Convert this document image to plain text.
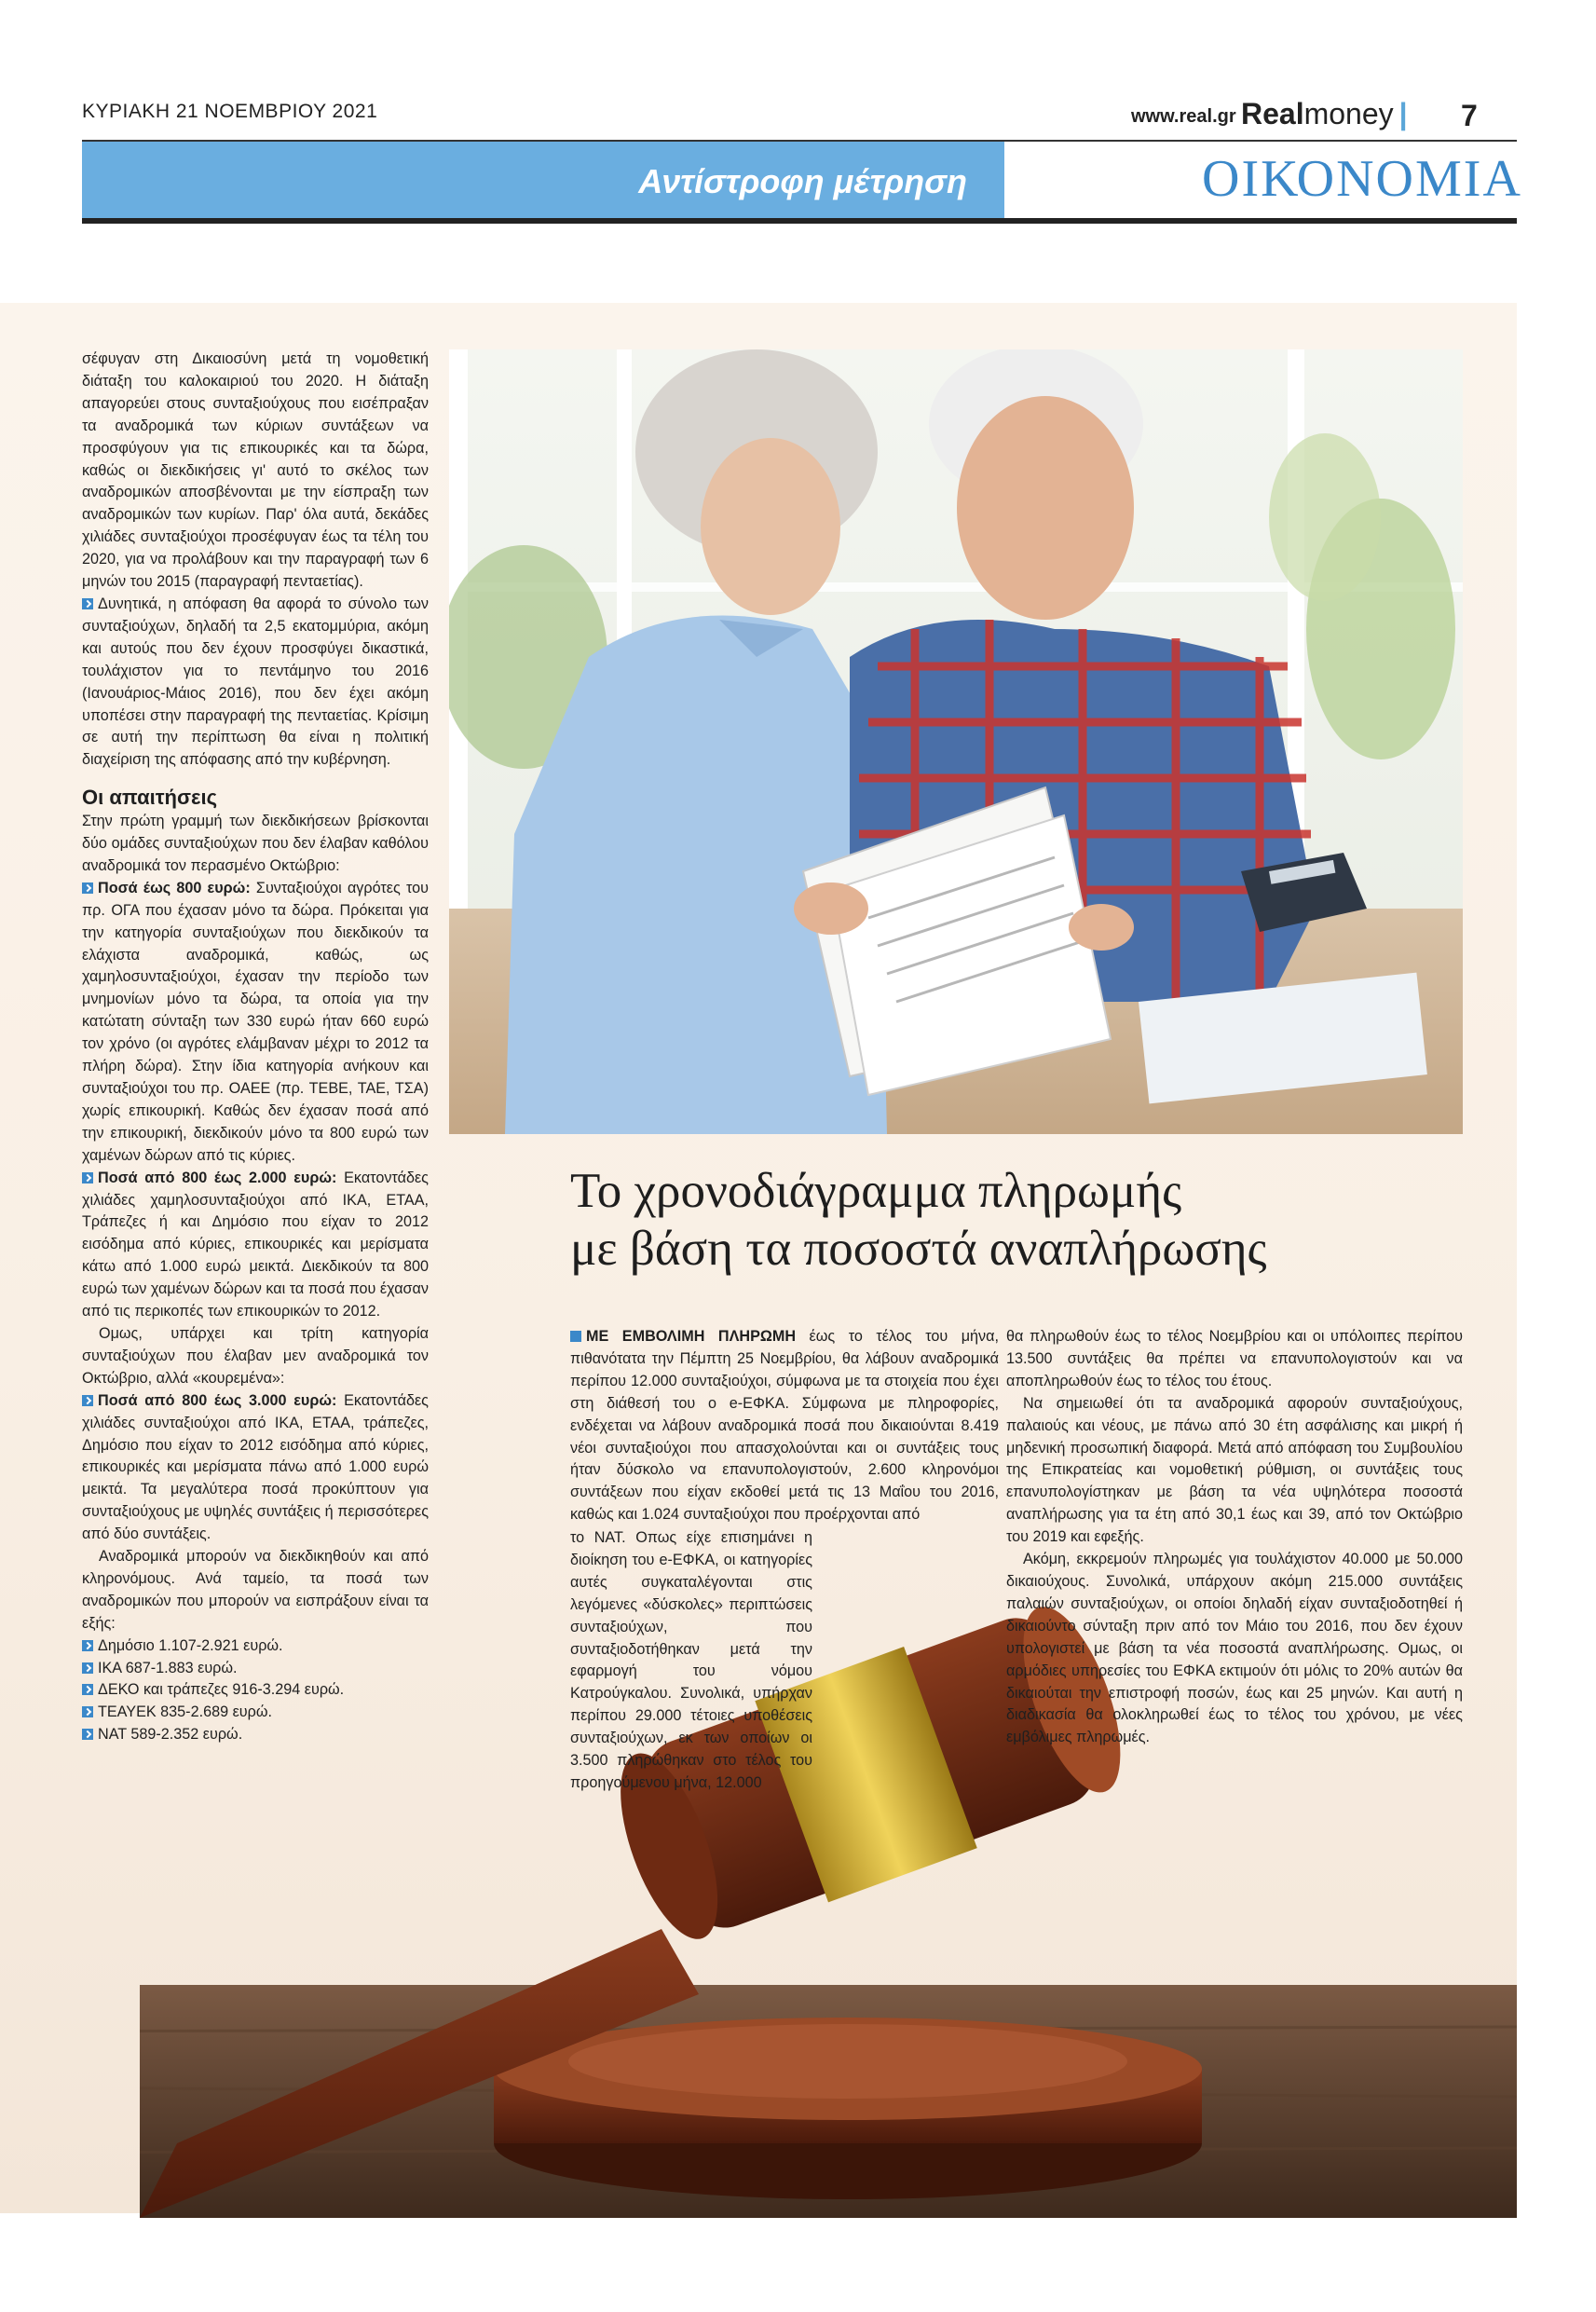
ΚΥΡΙΑΚΗ 21 ΝΟΕΜΒΡΙΟΥ 2021	www.real.gr Realmoney | 7
Αντίστροφη μέτρηση	ΟΙΚΟΝΟΜΙΑ

σέφυγαν στη Δικαιοσύνη μετά τη νομοθετική διάταξη του καλοκαιριού του 2020. Η διάταξη απαγορεύει στους συνταξιούχους που εισέπραξαν τα αναδρομικά των κύριων συντάξεων να προσφύγουν για τις επικουρικές και τα δώρα, καθώς οι διεκδικήσεις γι' αυτό το σκέλος των αναδρομικών αποσβένονται με την είσπραξη των αναδρομικών των κυρίων. Παρ' όλα αυτά, δεκάδες χιλιάδες συνταξιούχοι προσέφυγαν έως τα τέλη του 2020, για να προλάβουν και την παραγραφή των 6 μηνών του 2015 (παραγραφή πενταετίας).

Δυνητικά, η απόφαση θα αφορά το σύνολο των συνταξιούχων, δηλαδή τα 2,5 εκατομμύρια, ακόμη και αυτούς που δεν έχουν προσφύγει δικαστικά, τουλάχιστον για το πεντάμηνο του 2016 (Ιανουάριος-Μάιος 2016), που δεν έχει ακόμη υποπέσει στην παραγραφή της πενταετίας. Κρίσιμη σε αυτή την περίπτωση θα είναι η πολιτική διαχείριση της απόφασης από την κυβέρνηση.

Οι απαιτήσεις

Στην πρώτη γραμμή των διεκδικήσεων βρίσκονται δύο ομάδες συνταξιούχων που δεν έλαβαν καθόλου αναδρομικά τον περασμένο Οκτώβριο:

Ποσά έως 800 ευρώ: Συνταξιούχοι αγρότες του πρ. ΟΓΑ που έχασαν μόνο τα δώρα. Πρόκειται για την κατηγορία συνταξιούχων που διεκδικούν τα ελάχιστα αναδρομικά, καθώς, ως χαμηλοσυνταξιούχοι, έχασαν την περίοδο των μνημονίων μόνο τα δώρα, τα οποία για την κατώτατη σύνταξη των 330 ευρώ ήταν 660 ευρώ τον χρόνο (οι αγρότες ελάμβαναν μέχρι το 2012 τα πλήρη δώρα). Στην ίδια κατηγορία ανήκουν και συνταξιούχοι του πρ. ΟΑΕΕ (πρ. ΤΕΒΕ, ΤΑΕ, ΤΣΑ) χωρίς επικουρική. Καθώς δεν έχασαν ποσά από την επικουρική, διεκδικούν μόνο τα 800 ευρώ των χαμένων δώρων από τις κύριες.

Ποσά από 800 έως 2.000 ευρώ: Εκατοντάδες χιλιάδες χαμηλοσυνταξιούχοι από ΙΚΑ, ΕΤΑΑ, Τράπεζες ή και Δημόσιο που είχαν το 2012 εισόδημα από κύριες, επικουρικές και μερίσματα κάτω από 1.000 ευρώ μεικτά. Διεκδικούν τα 800 ευρώ των χαμένων δώρων και τα ποσά που έχασαν από τις περικοπές των επικουρικών το 2012.

Ομως, υπάρχει και τρίτη κατηγορία συνταξιούχων που έλαβαν μεν αναδρομικά τον Οκτώβριο, αλλά «κουρεμένα»:

Ποσά από 800 έως 3.000 ευρώ: Εκατοντάδες χιλιάδες συνταξιούχοι από ΙΚΑ, ΕΤΑΑ, τράπεζες, Δημόσιο που είχαν το 2012 εισόδημα από κύριες, επικουρικές και μερίσματα πάνω από 1.000 ευρώ μεικτά. Τα μεγαλύτερα ποσά προκύπτουν για συνταξιούχους με υψηλές συντάξεις ή περισσότερες από δύο συντάξεις.

Αναδρομικά μπορούν να διεκδικηθούν και από κληρονόμους. Ανά ταμείο, τα ποσά των αναδρομικών που μπορούν να εισπράξουν είναι τα εξής:

Δημόσιο 1.107-2.921 ευρώ.

ΙΚΑ 687-1.883 ευρώ.

ΔΕΚΟ και τράπεζες 916-3.294 ευρώ.

ΤΕΑΥΕΚ 835-2.689 ευρώ.

ΝΑΤ 589-2.352 ευρώ.

Το χρονοδιάγραμμα πληρωμής
με βάση τα ποσοστά αναπλήρωσης

ΜΕ ΕΜΒΟΛΙΜΗ ΠΛΗΡΩΜΗ έως το τέλος του μήνα, πιθανότατα την Πέμπτη 25 Νοεμβρίου, θα λάβουν αναδρομικά περίπου 12.000 συνταξιούχοι, σύμφωνα με τα στοιχεία που έχει στη διάθεσή του ο e-ΕΦΚΑ. Σύμφωνα με πληροφορίες, ενδέχεται να λάβουν αναδρομικά ποσά που δικαιούνται 8.419 νέοι συνταξιούχοι που απασχολούνται και οι συντάξεις τους ήταν δύσκολο να επανυπολογιστούν, 2.600 κληρονόμοι συντάξεων που είχαν εκδοθεί μετά τις 13 Μαΐου του 2016, καθώς και 1.024 συνταξιούχοι που προέρχονται από

το ΝΑΤ. Οπως είχε επισημάνει η διοίκηση του e-ΕΦΚΑ, οι κατηγορίες αυτές συγκαταλέγονται στις λεγόμενες «δύσκολες» περιπτώσεις συνταξιούχων, που συνταξιοδοτήθηκαν μετά την εφαρμογή του νόμου Κατρούγκαλου. Συνολικά, υπήρχαν περίπου 29.000 τέτοιες υποθέσεις συνταξιούχων, εκ των οποίων οι 3.500 πληρώθηκαν στο τέλος του προηγούμενου μήνα, 12.000

θα πληρωθούν έως το τέλος Νοεμβρίου και οι υπόλοιπες περίπου 13.500 συντάξεις θα πρέπει να επανυπολογιστούν και να αποπληρωθούν έως το τέλος του έτους.

Να σημειωθεί ότι τα αναδρομικά αφορούν συνταξιούχους, παλαιούς και νέους, με πάνω από 30 έτη ασφάλισης και μικρή ή μηδενική προσωπική διαφορά. Μετά από απόφαση του Συμβουλίου της Επικρατείας και νομοθετική ρύθμιση, οι συντάξεις τους επανυπολογίστηκαν με βάση τα νέα υψηλότερα ποσοστά αναπλήρωσης για τα έτη από 30,1 έως και 39, από τον Οκτώβριο του 2019 και εφεξής.

Ακόμη, εκκρεμούν πληρωμές για τουλάχιστον 40.000 με 50.000 δικαιούχους. Συνολικά, υπάρχουν ακόμη 215.000 συντάξεις παλαιών συνταξιούχων, οι οποίοι δηλαδή είχαν συνταξιοδοτηθεί ή δικαιούντο σύνταξη πριν από τον Μάιο του 2016, που δεν έχουν υπολογιστεί με βάση τα νέα ποσοστά αναπλήρωσης. Ομως, οι αρμόδιες υπηρεσίες του ΕΦΚΑ εκτιμούν ότι μόλις το 20% αυτών θα δικαιούται την επιστροφή ποσών, έως και 25 μηνών. Και αυτή η διαδικασία θα ολοκληρωθεί έως το τέλος του χρόνου, με νέες εμβόλιμες πληρωμές.
